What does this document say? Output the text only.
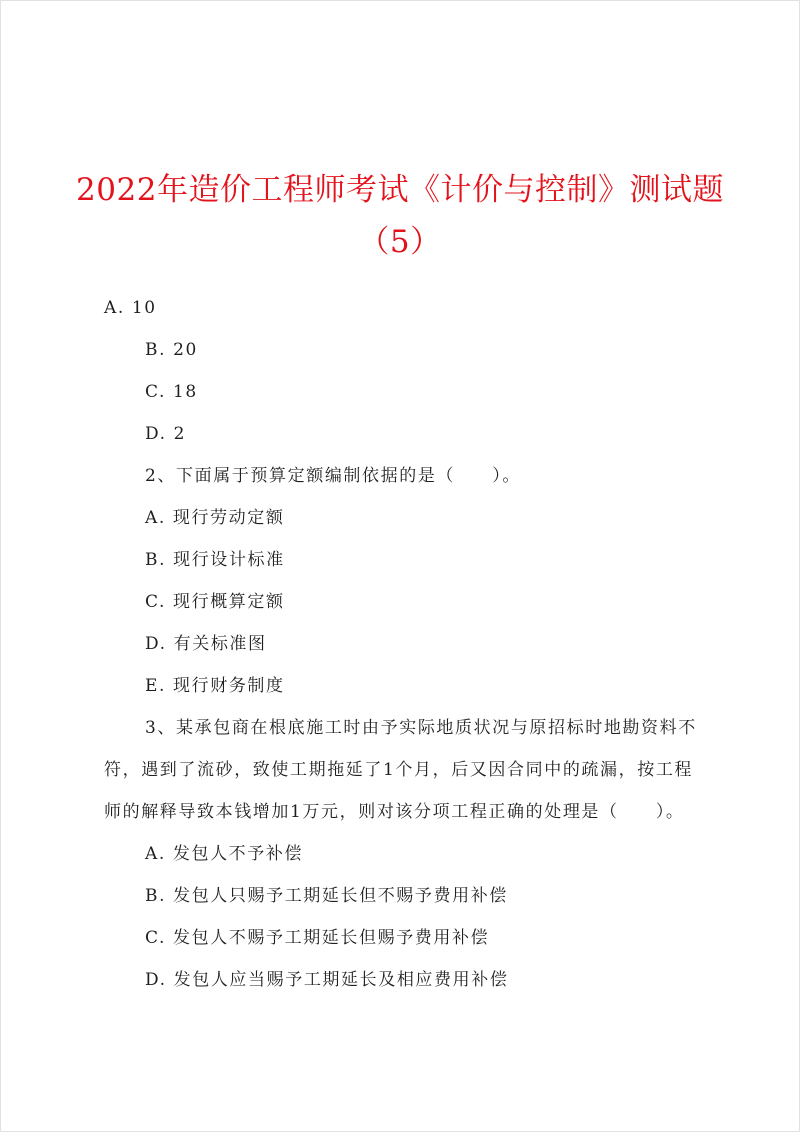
2022年造价工程师考试《计价与控制》测试题
（5）
A. 10
B. 20
C. 18
D. 2
2、下面属于预算定额编制依据的是（　　）。
A. 现行劳动定额
B. 现行设计标准
C. 现行概算定额
D. 有关标准图
E. 现行财务制度
3、某承包商在根底施工时由予实际地质状况与原招标时地勘资料不
符，遇到了流砂，致使工期拖延了1个月，后又因合同中的疏漏，按工程
师的解释导致本钱增加1万元，则对该分项工程正确的处理是（　　）。
A. 发包人不予补偿
B. 发包人只赐予工期延长但不赐予费用补偿
C. 发包人不赐予工期延长但赐予费用补偿
D. 发包人应当赐予工期延长及相应费用补偿
